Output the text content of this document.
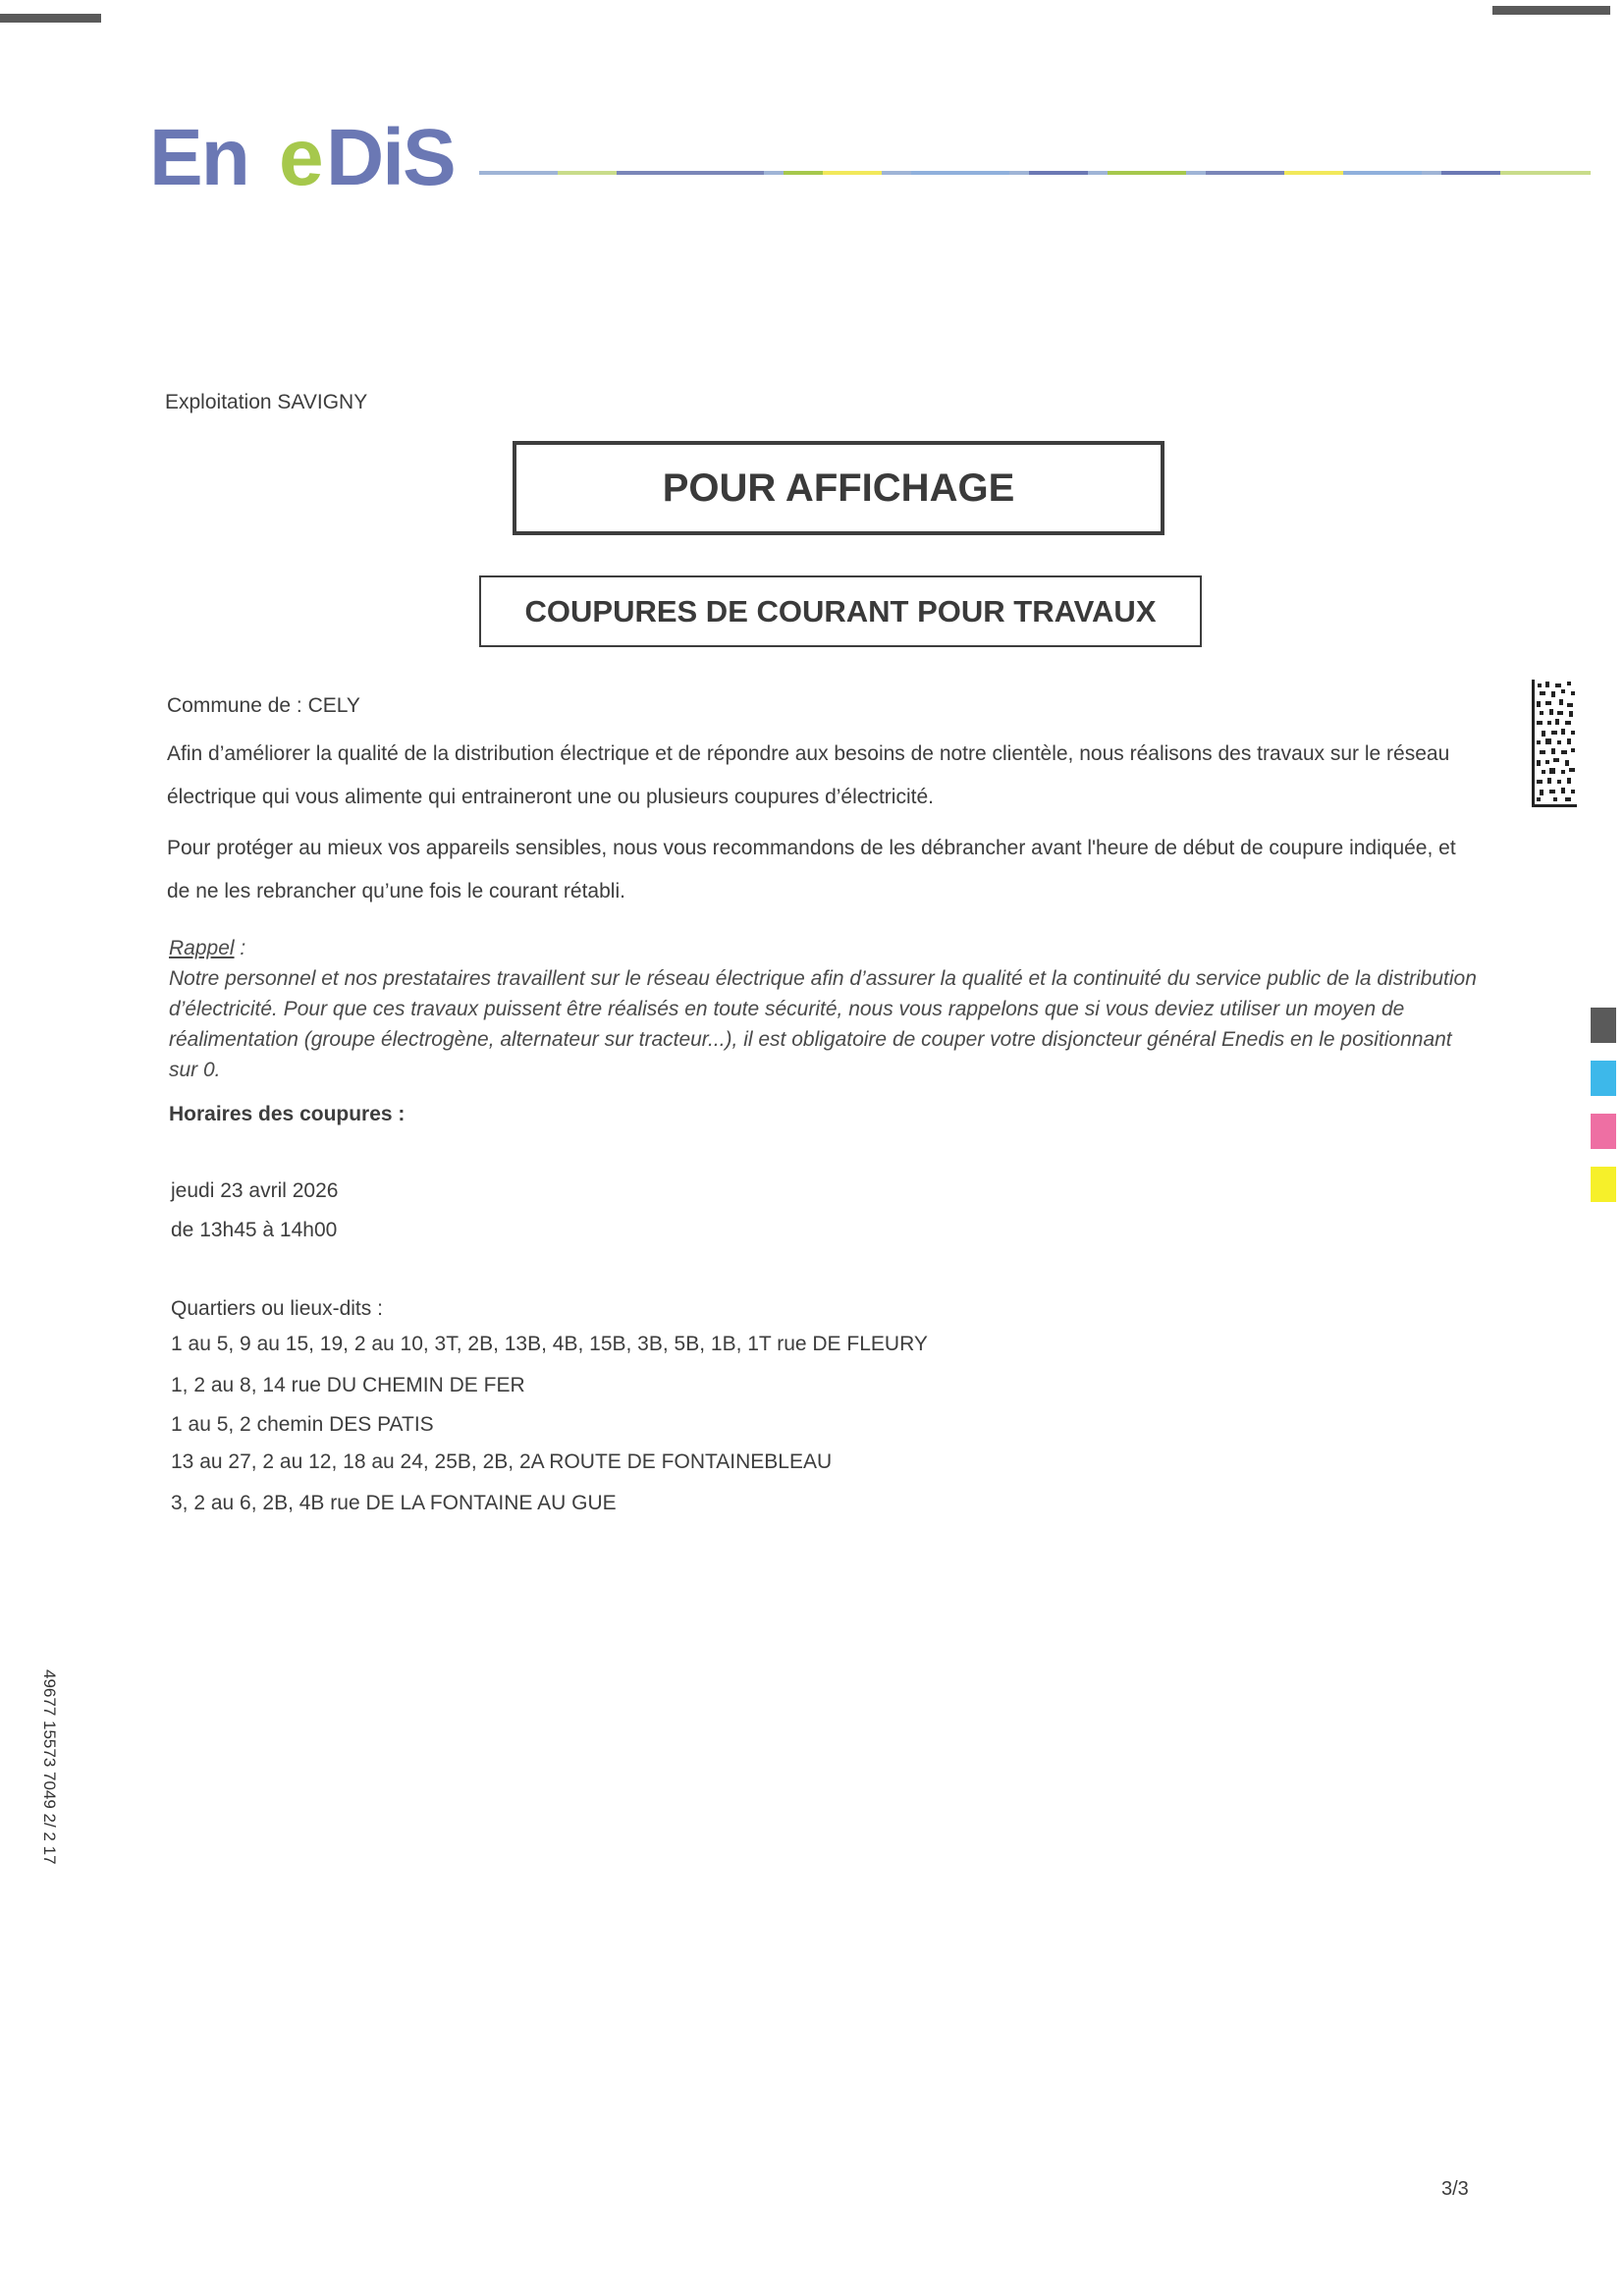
En e DiS
Exploitation SAVIGNY
POUR AFFICHAGE
COUPURES DE COURANT POUR TRAVAUX
Commune de : CELY
Afin d’améliorer la qualité de la distribution électrique et de répondre aux besoins de notre clientèle, nous réalisons des travaux sur le réseau électrique qui vous alimente qui entraineront une ou plusieurs coupures d’électricité.
Pour protéger au mieux vos appareils sensibles, nous vous recommandons de les débrancher avant l'heure de début de coupure indiquée, et de ne les rebrancher qu’une fois le courant rétabli.
Rappel :
Notre personnel et nos prestataires travaillent sur le réseau électrique afin d’assurer la qualité et la continuité du service public de la distribution d’électricité. Pour que ces travaux puissent être réalisés en toute sécurité, nous vous rappelons que si vous deviez utiliser un moyen de réalimentation (groupe électrogène, alternateur sur tracteur...), il est obligatoire de couper votre disjoncteur général Enedis en le positionnant sur 0.
Horaires des coupures :
jeudi 23 avril 2026
de 13h45 à 14h00
Quartiers ou lieux-dits :
1 au 5, 9 au 15, 19, 2 au 10, 3T, 2B, 13B, 4B, 15B, 3B, 5B, 1B, 1T rue DE FLEURY
1, 2 au 8, 14 rue DU CHEMIN DE FER
1 au 5, 2 chemin DES PATIS
13 au 27, 2 au 12, 18 au 24, 25B, 2B, 2A ROUTE DE FONTAINEBLEAU
3, 2 au 6, 2B, 4B rue DE LA FONTAINE AU GUE
49677 15573 7049 2/ 2 17
3/3
